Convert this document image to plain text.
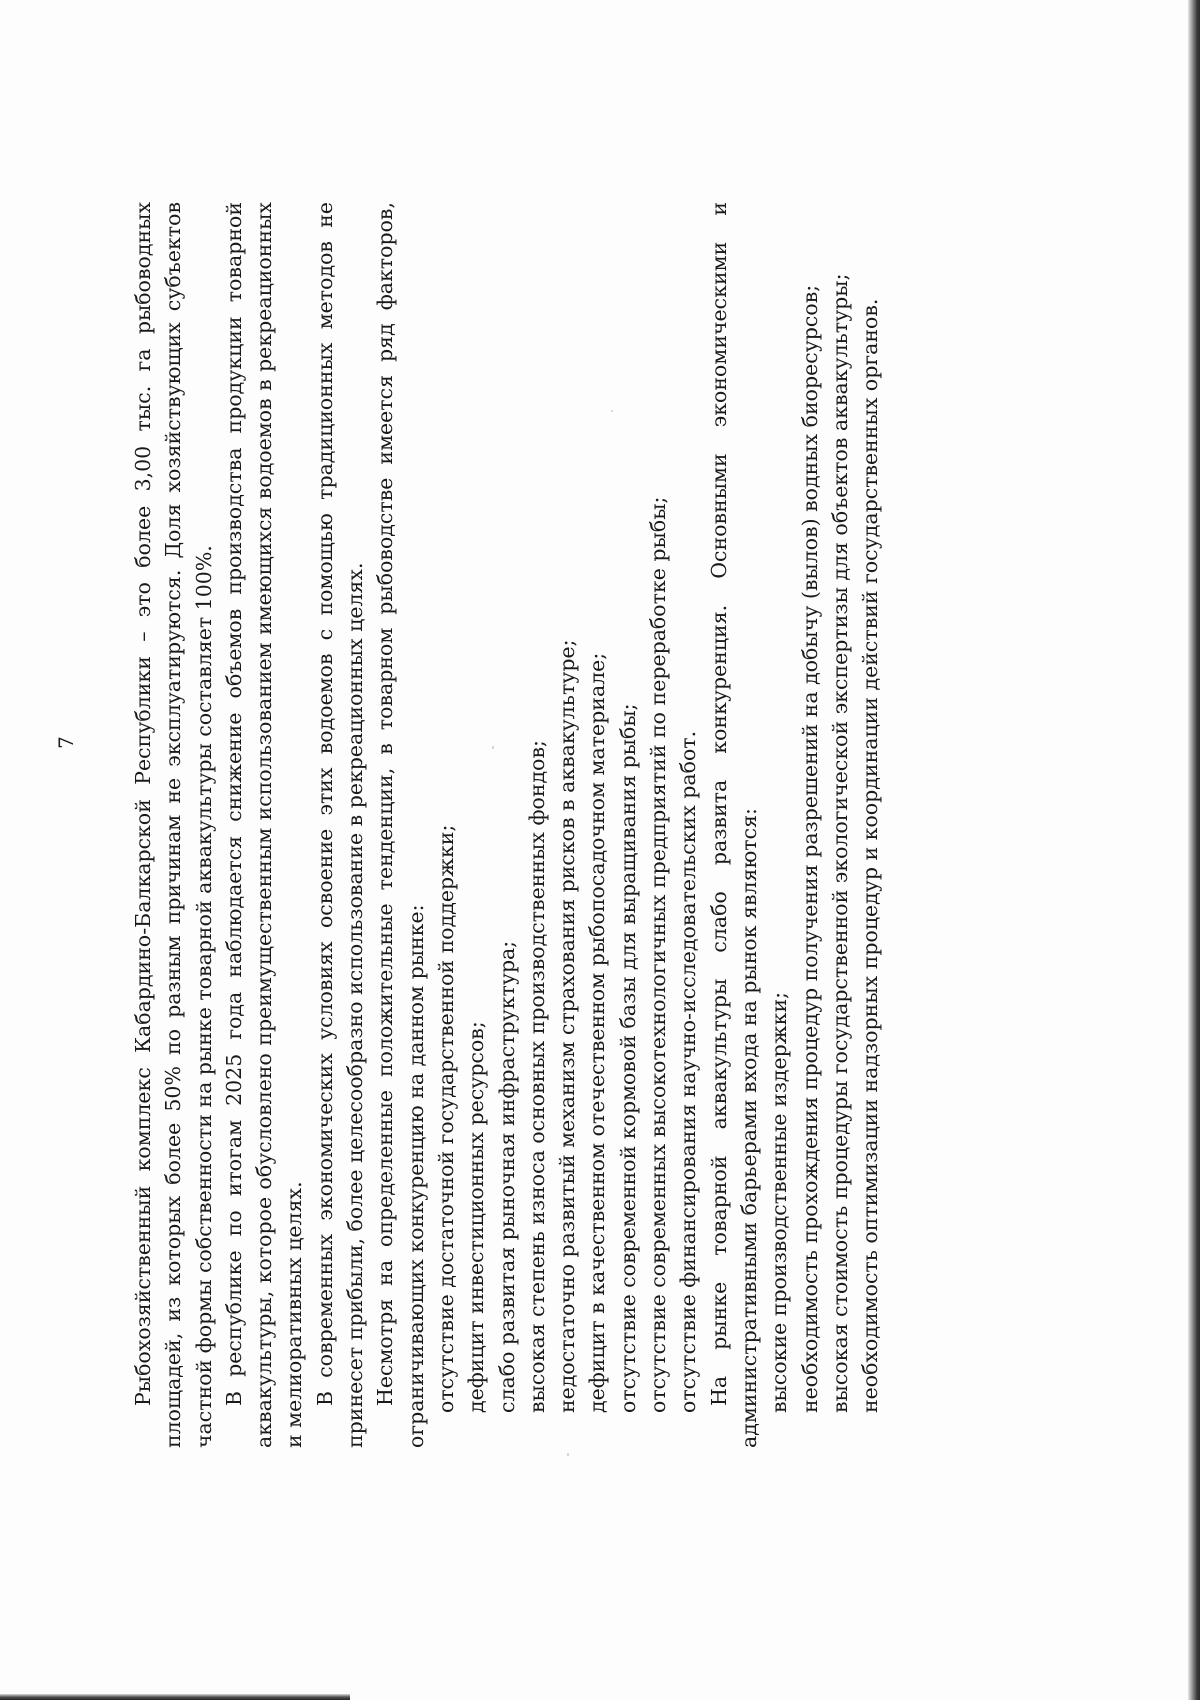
7	Рыбохозяйственный комплекс Кабардино-Балкарской Республики – это более 3,00 тыс. га рыбоводных площадей, из которых более 50% по разным причинам не эксплуатируются. Доля хозяйствующих субъектов частной формы собственности на рынке товарной аквакультуры составляет 100%. В республике по итогам 2025 года наблюдается снижение объемов производства продукции товарной аквакультуры, которое обусловлено преимущественным использованием имеющихся водоемов в рекреационных и мелиоративных целях. В современных экономических условиях освоение этих водоемов с помощью традиционных методов не принесет прибыли, более целесообразно использование в рекреационных целях. Несмотря на определенные положительные тенденции, в товарном рыбоводстве имеется ряд факторов, ограничивающих конкуренцию на данном рынке: отсутствие достаточной государственной поддержки; дефицит инвестиционных ресурсов; слабо развитая рыночная инфраструктура; высокая степень износа основных производственных фондов; недостаточно развитый механизм страхования рисков в аквакультуре; дефицит в качественном отечественном рыбопосадочном материале; отсутствие современной кормовой базы для выращивания рыбы; отсутствие современных высокотехнологичных предприятий по переработке рыбы; отсутствие финансирования научно-исследовательских работ. На рынке товарной аквакультуры слабо развита конкуренция. Основными экономическими и административными барьерами входа на рынок являются: высокие производственные издержки; необходимость прохождения процедур получения разрешений на добычу (вылов) водных биоресурсов; высокая стоимость процедуры государственной экологической экспертизы для объектов аквакультуры; необходимость оптимизации надзорных процедур и координации действий государственных органов.
